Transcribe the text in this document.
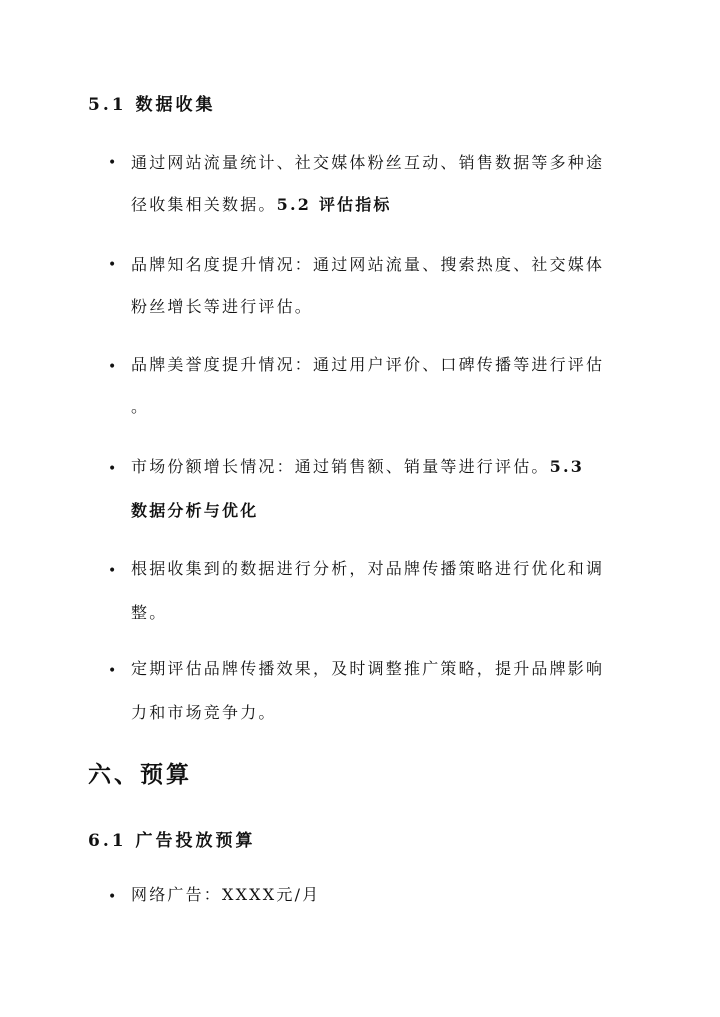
5.1 数据收集
• 通过网站流量统计、社交媒体粉丝互动、销售数据等多种途
径收集相关数据。5.2 评估指标
• 品牌知名度提升情况：通过网站流量、搜索热度、社交媒体
粉丝增长等进行评估。
• 品牌美誉度提升情况：通过用户评价、口碑传播等进行评估
。
• 市场份额增长情况：通过销售额、销量等进行评估。5.3
数据分析与优化
• 根据收集到的数据进行分析，对品牌传播策略进行优化和调
整。
• 定期评估品牌传播效果，及时调整推广策略，提升品牌影响
力和市场竞争力。
六、预算
6.1 广告投放预算
• 网络广告：XXXX元/月
